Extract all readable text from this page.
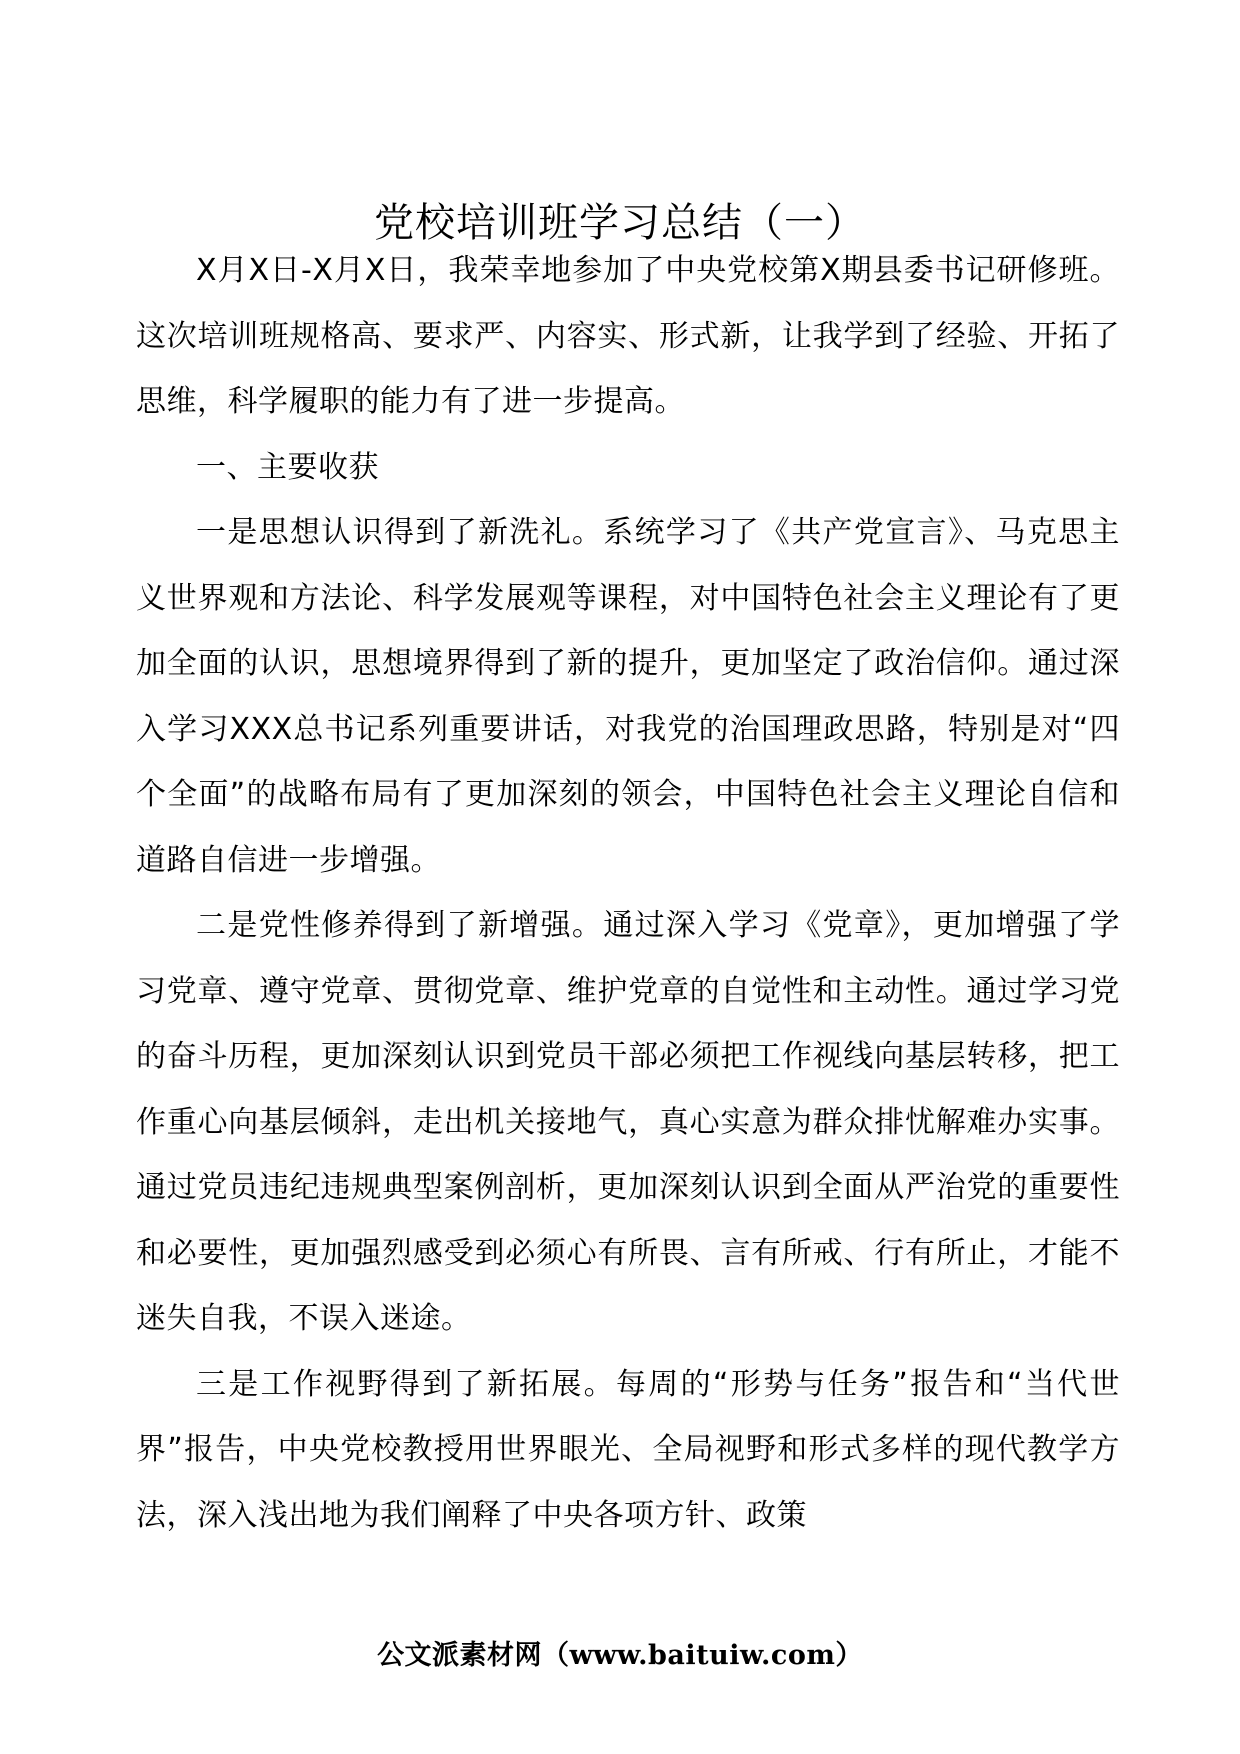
党校培训班学习总结（一）

X月X日-X月X日，我荣幸地参加了中央党校第X期县委书记研修班。这次培训班规格高、要求严、内容实、形式新，让我学到了经验、开拓了思维，科学履职的能力有了进一步提高。

一、主要收获

一是思想认识得到了新洗礼。系统学习了《共产党宣言》、马克思主义世界观和方法论、科学发展观等课程，对中国特色社会主义理论有了更加全面的认识，思想境界得到了新的提升，更加坚定了政治信仰。通过深入学习XXX总书记系列重要讲话，对我党的治国理政思路，特别是对“四个全面”的战略布局有了更加深刻的领会，中国特色社会主义理论自信和道路自信进一步增强。

二是党性修养得到了新增强。通过深入学习《党章》，更加增强了学习党章、遵守党章、贯彻党章、维护党章的自觉性和主动性。通过学习党的奋斗历程，更加深刻认识到党员干部必须把工作视线向基层转移，把工作重心向基层倾斜，走出机关接地气，真心实意为群众排忧解难办实事。通过党员违纪违规典型案例剖析，更加深刻认识到全面从严治党的重要性和必要性，更加强烈感受到必须心有所畏、言有所戒、行有所止，才能不迷失自我，不误入迷途。

三是工作视野得到了新拓展。每周的“形势与任务”报告和“当代世界”报告，中央党校教授用世界眼光、全局视野和形式多样的现代教学方法，深入浅出地为我们阐释了中央各项方针、政策

公文派素材网（www.baituiw.com）
